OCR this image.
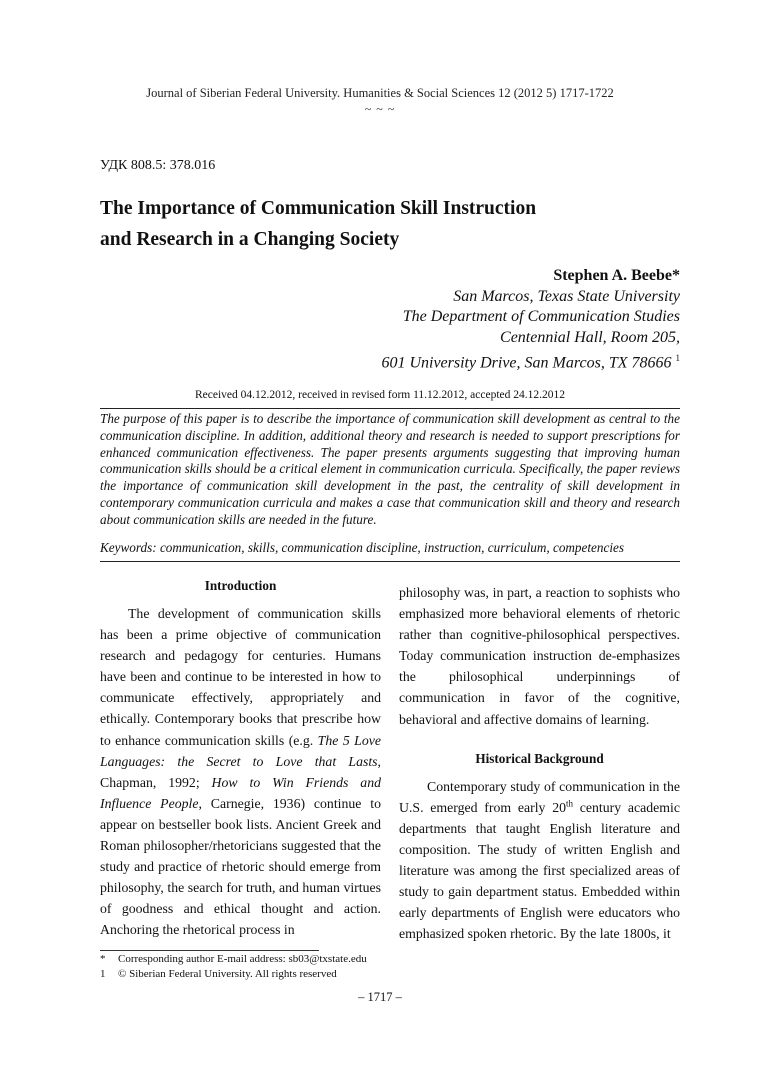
Journal of Siberian Federal University. Humanities & Social Sciences 12 (2012 5) 1717-1722
~ ~ ~
УДК 808.5: 378.016
The Importance of Communication Skill Instruction
and Research in a Changing Society
Stephen A. Beebe*
San Marcos, Texas State University
The Department of Communication Studies
Centennial Hall, Room 205,
601 University Drive, San Marcos, TX 78666 $^1$
Received 04.12.2012, received in revised form 11.12.2012, accepted 24.12.2012
The purpose of this paper is to describe the importance of communication skill development as central to the communication discipline. In addition, additional theory and research is needed to support prescriptions for enhanced communication effectiveness. The paper presents arguments suggesting that improving human communication skills should be a critical element in communication curricula. Specifically, the paper reviews the importance of communication skill development in the past, the centrality of skill development in contemporary communication curricula and makes a case that communication skill and theory and research about communication skills are needed in the future.
Keywords: communication, skills, communication discipline, instruction, curriculum, competencies
Introduction

The development of communication skills has been a prime objective of communication research and pedagogy for centuries. Humans have been and continue to be interested in how to communicate effectively, appropriately and ethically. Contemporary books that prescribe how to enhance communication skills (e.g. The 5 Love Languages: the Secret to Love that Lasts, Chapman, 1992; How to Win Friends and Influence People, Carnegie, 1936) continue to appear on bestseller book lists. Ancient Greek and Roman philosopher/rhetoricians suggested that the study and practice of rhetoric should emerge from philosophy, the search for truth, and human virtues of goodness and ethical thought and action. Anchoring the rhetorical process in

philosophy was, in part, a reaction to sophists who emphasized more behavioral elements of rhetoric rather than cognitive-philosophical perspectives. Today communication instruction de-emphasizes the philosophical underpinnings of communication in favor of the cognitive, behavioral and affective domains of learning.

Historical Background

Contemporary study of communication in the U.S. emerged from early 20th century academic departments that taught English literature and composition. The study of written English and literature was among the first specialized areas of study to gain department status. Embedded within early departments of English were educators who emphasized spoken rhetoric. By the late 1800s, it

*	Corresponding author E-mail address: sb03@txstate.edu
1	© Siberian Federal University. All rights reserved
– 1717 –
